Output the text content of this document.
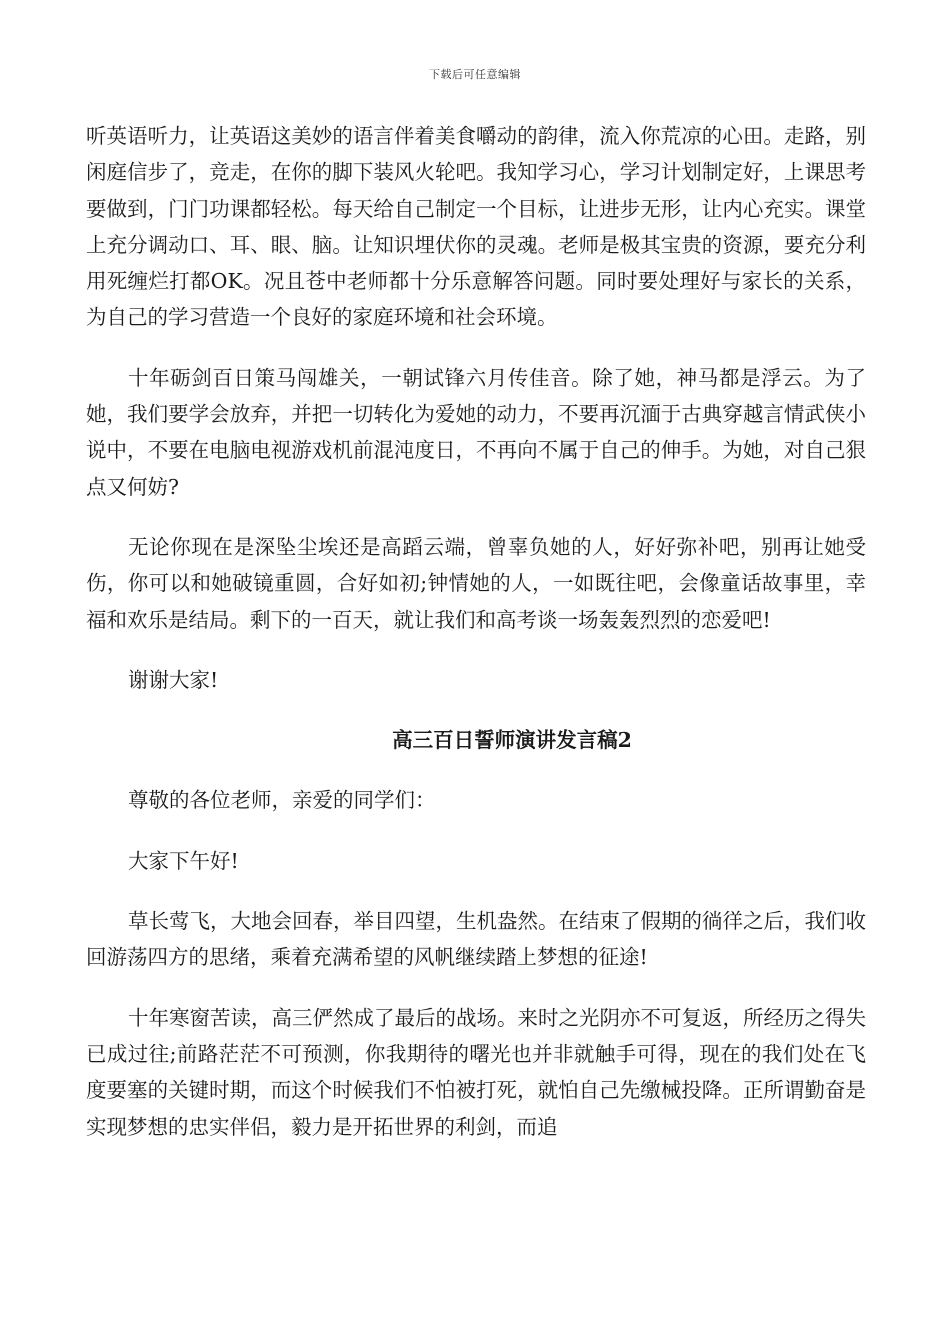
下载后可任意编辑

听英语听力，让英语这美妙的语言伴着美食嚼动的韵律，流入你荒凉的心田。走路，别闲庭信步了，竞走，在你的脚下装风火轮吧。我知学习心，学习计划制定好，上课思考要做到，门门功课都轻松。每天给自己制定一个目标，让进步无形，让内心充实。课堂上充分调动口、耳、眼、脑。让知识埋伏你的灵魂。老师是极其宝贵的资源，要充分利用死缠烂打都OK。况且苍中老师都十分乐意解答问题。同时要处理好与家长的关系，为自己的学习营造一个良好的家庭环境和社会环境。

十年砺剑百日策马闯雄关，一朝试锋六月传佳音。除了她，神马都是浮云。为了她，我们要学会放弃，并把一切转化为爱她的动力，不要再沉湎于古典穿越言情武侠小说中，不要在电脑电视游戏机前混沌度日，不再向不属于自己的伸手。为她，对自己狠点又何妨?

无论你现在是深坠尘埃还是高蹈云端，曾辜负她的人，好好弥补吧，别再让她受伤，你可以和她破镜重圆，合好如初;钟情她的人，一如既往吧，会像童话故事里，幸福和欢乐是结局。剩下的一百天，就让我们和高考谈一场轰轰烈烈的恋爱吧!

谢谢大家!

高三百日誓师演讲发言稿2

尊敬的各位老师，亲爱的同学们：

大家下午好!

草长莺飞，大地会回春，举目四望，生机盎然。在结束了假期的徜徉之后，我们收回游荡四方的思绪，乘着充满希望的风帆继续踏上梦想的征途!

十年寒窗苦读，高三俨然成了最后的战场。来时之光阴亦不可复返，所经历之得失已成过往;前路茫茫不可预测，你我期待的曙光也并非就触手可得，现在的我们处在飞度要塞的关键时期，而这个时候我们不怕被打死，就怕自己先缴械投降。正所谓勤奋是实现梦想的忠实伴侣，毅力是开拓世界的利剑，而追
